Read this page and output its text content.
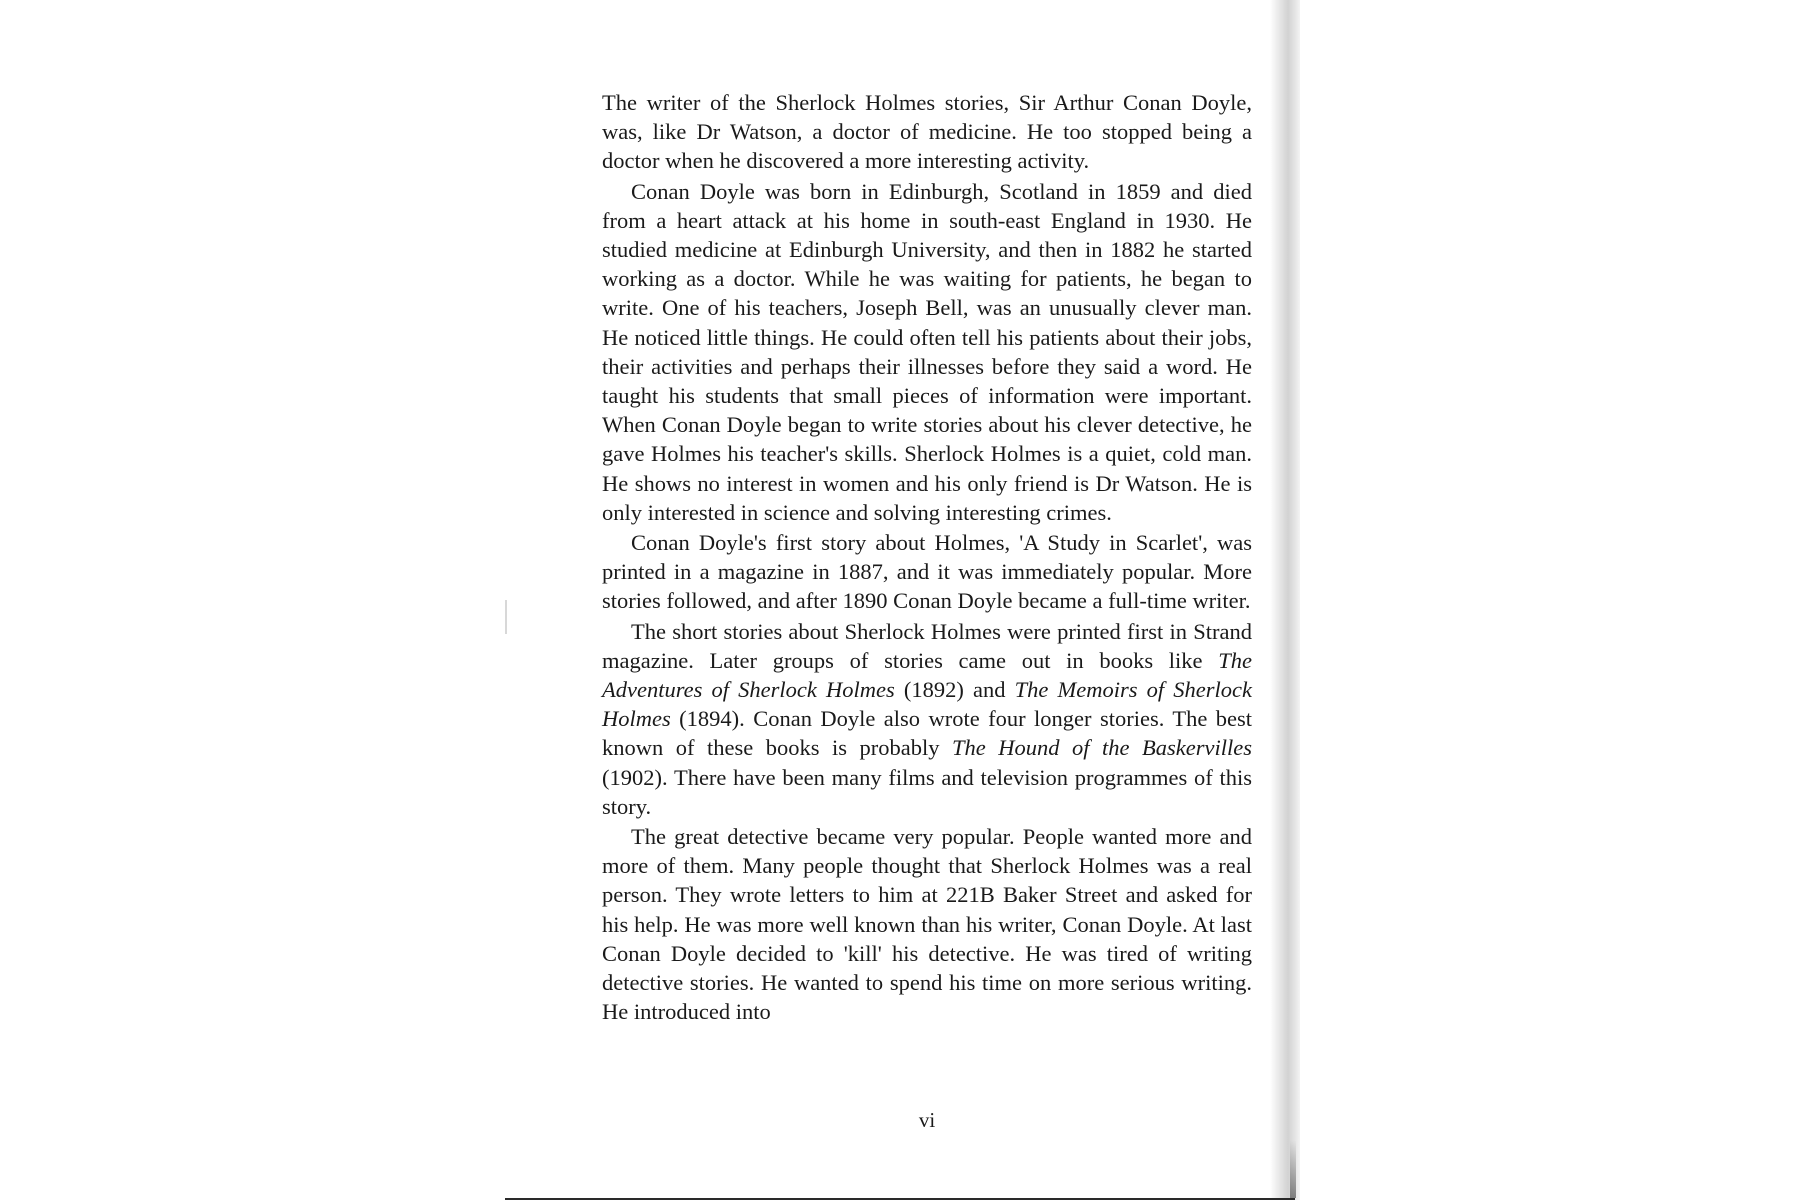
The writer of the Sherlock Holmes stories, Sir Arthur Conan Doyle, was, like Dr Watson, a doctor of medicine. He too stopped being a doctor when he discovered a more interesting activity.

Conan Doyle was born in Edinburgh, Scotland in 1859 and died from a heart attack at his home in south-east England in 1930. He studied medicine at Edinburgh University, and then in 1882 he started working as a doctor. While he was waiting for patients, he began to write. One of his teachers, Joseph Bell, was an unusually clever man. He noticed little things. He could often tell his patients about their jobs, their activities and perhaps their illnesses before they said a word. He taught his students that small pieces of information were important. When Conan Doyle began to write stories about his clever detective, he gave Holmes his teacher's skills. Sherlock Holmes is a quiet, cold man. He shows no interest in women and his only friend is Dr Watson. He is only interested in science and solving interesting crimes.

Conan Doyle's first story about Holmes, 'A Study in Scarlet', was printed in a magazine in 1887, and it was immediately popular. More stories followed, and after 1890 Conan Doyle became a full-time writer.

The short stories about Sherlock Holmes were printed first in Strand magazine. Later groups of stories came out in books like The Adventures of Sherlock Holmes (1892) and The Memoirs of Sherlock Holmes (1894). Conan Doyle also wrote four longer stories. The best known of these books is probably The Hound of the Baskervilles (1902). There have been many films and television programmes of this story.

The great detective became very popular. People wanted more and more of them. Many people thought that Sherlock Holmes was a real person. They wrote letters to him at 221B Baker Street and asked for his help. He was more well known than his writer, Conan Doyle. At last Conan Doyle decided to 'kill' his detective. He was tired of writing detective stories. He wanted to spend his time on more serious writing. He introduced into

vi
